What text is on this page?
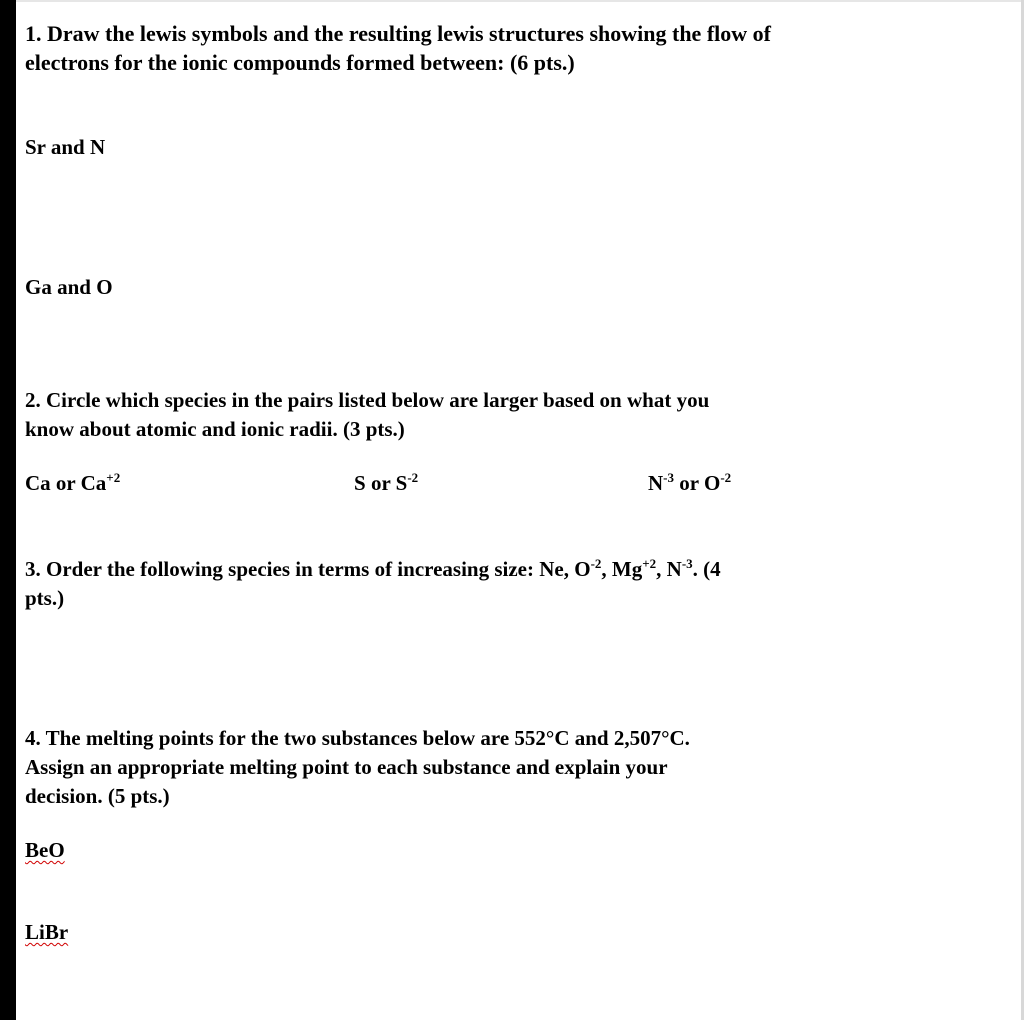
1. Draw the lewis symbols and the resulting lewis structures showing the flow of
electrons for the ionic compounds formed between: (6 pts.)
Sr and N
Ga and O
2. Circle which species in the pairs listed below are larger based on what you
know about atomic and ionic radii. (3 pts.)
Ca or $Ca^{+2}$	S or $S^{-2}$	$N^{-3}$ or $O^{-2}$
3. Order the following species in terms of increasing size: Ne, $O^{-2}$, $Mg^{+2}$, $N^{-3}$. (4
pts.)
4. The melting points for the two substances below are 552°C and 2,507°C.
Assign an appropriate melting point to each substance and explain your
decision. (5 pts.)
BeO
LiBr
